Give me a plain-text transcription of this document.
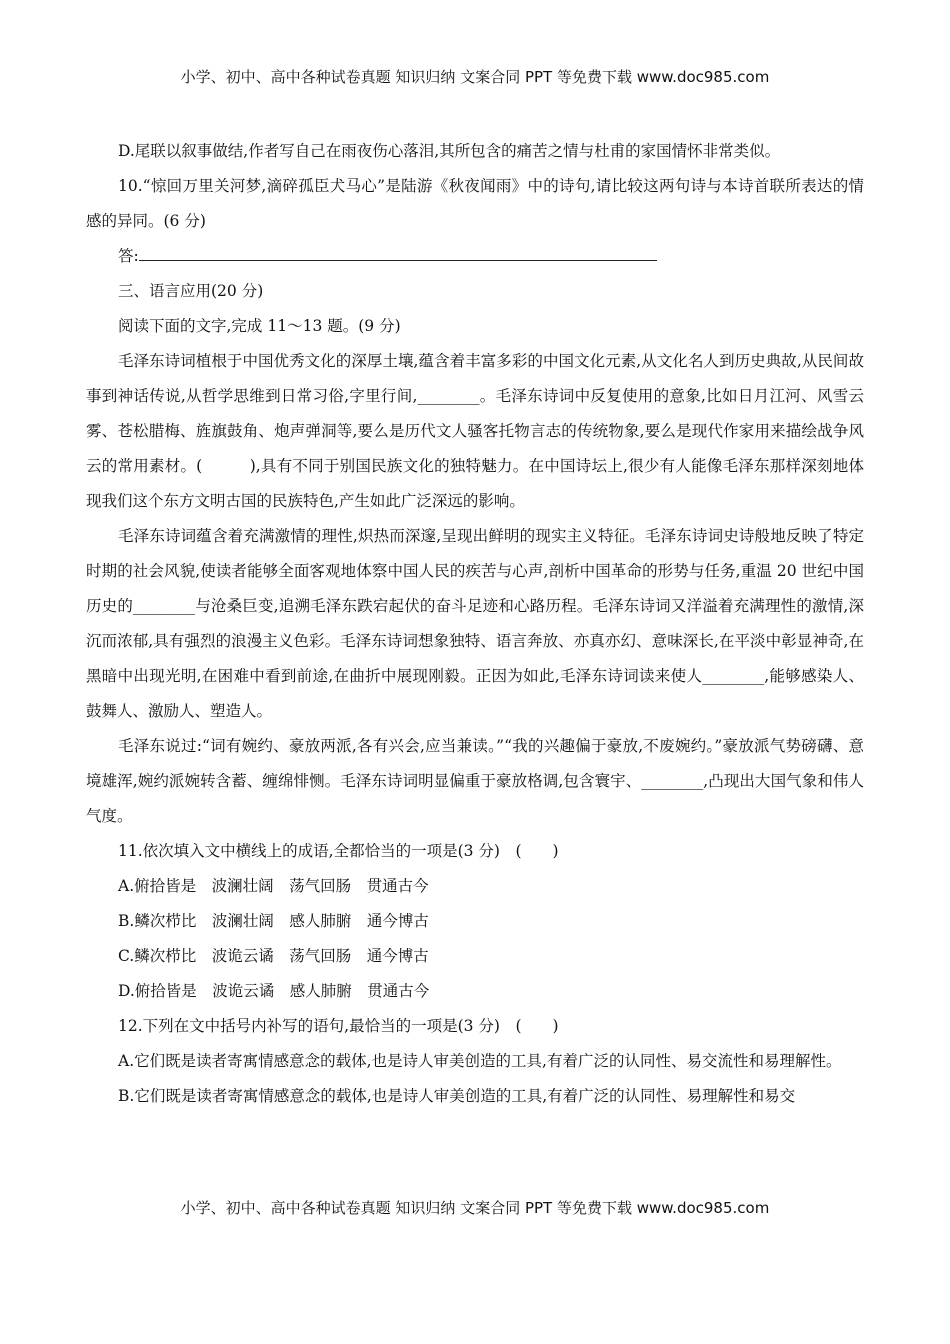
小学、初中、高中各种试卷真题 知识归纳 文案合同 PPT 等免费下载 www.doc985.com

D.尾联以叙事做结,作者写自己在雨夜伤心落泪,其所包含的痛苦之情与杜甫的家国情怀非常类似。

10.“惊回万里关河梦,滴碎孤臣犬马心”是陆游《秋夜闻雨》中的诗句,请比较这两句诗与本诗首联所表达的情感的异同。(6 分)

答:

三、语言应用(20 分)

阅读下面的文字,完成 11～13 题。(9 分)

毛泽东诗词植根于中国优秀文化的深厚土壤,蕴含着丰富多彩的中国文化元素,从文化名人到历史典故,从民间故事到神话传说,从哲学思维到日常习俗,字里行间,________。毛泽东诗词中反复使用的意象,比如日月江河、风雪云雾、苍松腊梅、旌旗鼓角、炮声弹洞等,要么是历代文人骚客托物言志的传统物象,要么是现代作家用来描绘战争风云的常用素材。(　　　),具有不同于别国民族文化的独特魅力。在中国诗坛上,很少有人能像毛泽东那样深刻地体现我们这个东方文明古国的民族特色,产生如此广泛深远的影响。

毛泽东诗词蕴含着充满激情的理性,炽热而深邃,呈现出鲜明的现实主义特征。毛泽东诗词史诗般地反映了特定时期的社会风貌,使读者能够全面客观地体察中国人民的疾苦与心声,剖析中国革命的形势与任务,重温 20 世纪中国历史的________与沧桑巨变,追溯毛泽东跌宕起伏的奋斗足迹和心路历程。毛泽东诗词又洋溢着充满理性的激情,深沉而浓郁,具有强烈的浪漫主义色彩。毛泽东诗词想象独特、语言奔放、亦真亦幻、意味深长,在平淡中彰显神奇,在黑暗中出现光明,在困难中看到前途,在曲折中展现刚毅。正因为如此,毛泽东诗词读来使人________,能够感染人、鼓舞人、激励人、塑造人。

毛泽东说过:“词有婉约、豪放两派,各有兴会,应当兼读。”“我的兴趣偏于豪放,不废婉约。”豪放派气势磅礴、意境雄浑,婉约派婉转含蓄、缠绵悱恻。毛泽东诗词明显偏重于豪放格调,包含寰宇、________,凸现出大国气象和伟人气度。

11.依次填入文中横线上的成语,全都恰当的一项是(3 分)　(　　)

A.俯拾皆是　波澜壮阔　荡气回肠　贯通古今
B.鳞次栉比　波澜壮阔　感人肺腑　通今博古
C.鳞次栉比　波诡云谲　荡气回肠　通今博古
D.俯拾皆是　波诡云谲　感人肺腑　贯通古今

12.下列在文中括号内补写的语句,最恰当的一项是(3 分)　(　　)

A.它们既是读者寄寓情感意念的载体,也是诗人审美创造的工具,有着广泛的认同性、易交流性和易理解性。

B.它们既是读者寄寓情感意念的载体,也是诗人审美创造的工具,有着广泛的认同性、易理解性和易交

小学、初中、高中各种试卷真题 知识归纳 文案合同 PPT 等免费下载 www.doc985.com
